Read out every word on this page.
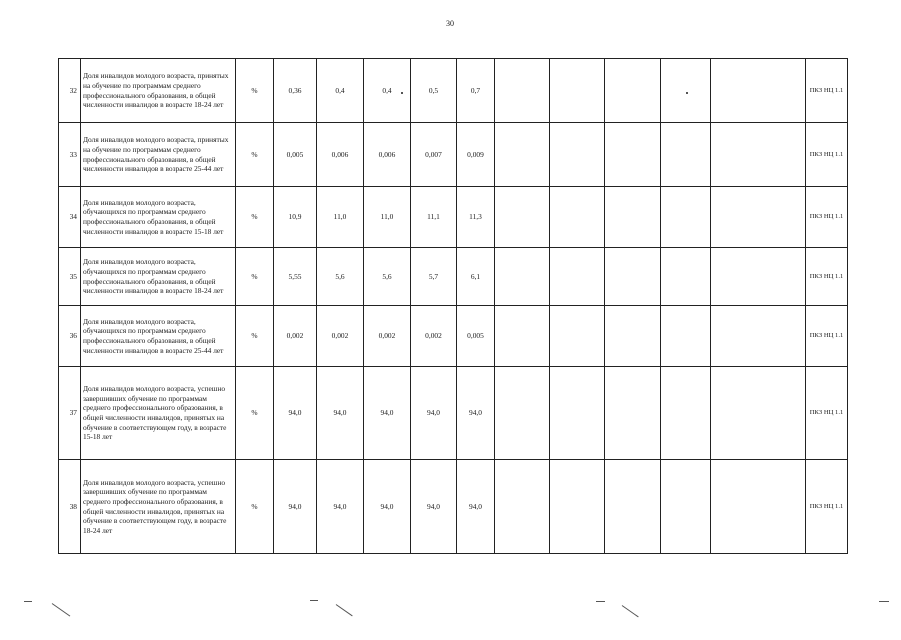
30
32	Доля инвалидов молодого возраста, принятых на обучение по программам среднего профессионального образования, в общей численности инвалидов в возрасте 18-24 лет	%	0,36	0,4	0,4	0,5	0,7						ПКЗ НЦ 1.1
33	Доля инвалидов молодого возраста, принятых на обучение по программам среднего профессионального образования, в общей численности инвалидов в возрасте 25-44 лет	%	0,005	0,006	0,006	0,007	0,009						ПКЗ НЦ 1.1
34	Доля инвалидов молодого возраста, обучающихся по программам среднего профессионального образования, в общей численности инвалидов в возрасте 15-18 лет	%	10,9	11,0	11,0	11,1	11,3						ПКЗ НЦ 1.1
35	Доля инвалидов молодого возраста, обучающихся по программам среднего профессионального образования, в общей численности инвалидов в возрасте 18-24 лет	%	5,55	5,6	5,6	5,7	6,1						ПКЗ НЦ 1.1
36	Доля инвалидов молодого возраста, обучающихся по программам среднего профессионального образования, в общей численности инвалидов в возрасте 25-44 лет	%	0,002	0,002	0,002	0,002	0,005						ПКЗ НЦ 1.1
37	Доля инвалидов молодого возраста, успешно завершивших обучение по программам среднего профессионального образования, в общей численности инвалидов, принятых на обучение в соответствующем году, в возрасте 15-18 лет	%	94,0	94,0	94,0	94,0	94,0						ПКЗ НЦ 1.1
38	Доля инвалидов молодого возраста, успешно завершивших обучение по программам среднего профессионального образования, в общей численности инвалидов, принятых на обучение в соответствующем году, в возрасте 18-24 лет	%	94,0	94,0	94,0	94,0	94,0						ПКЗ НЦ 1.1
